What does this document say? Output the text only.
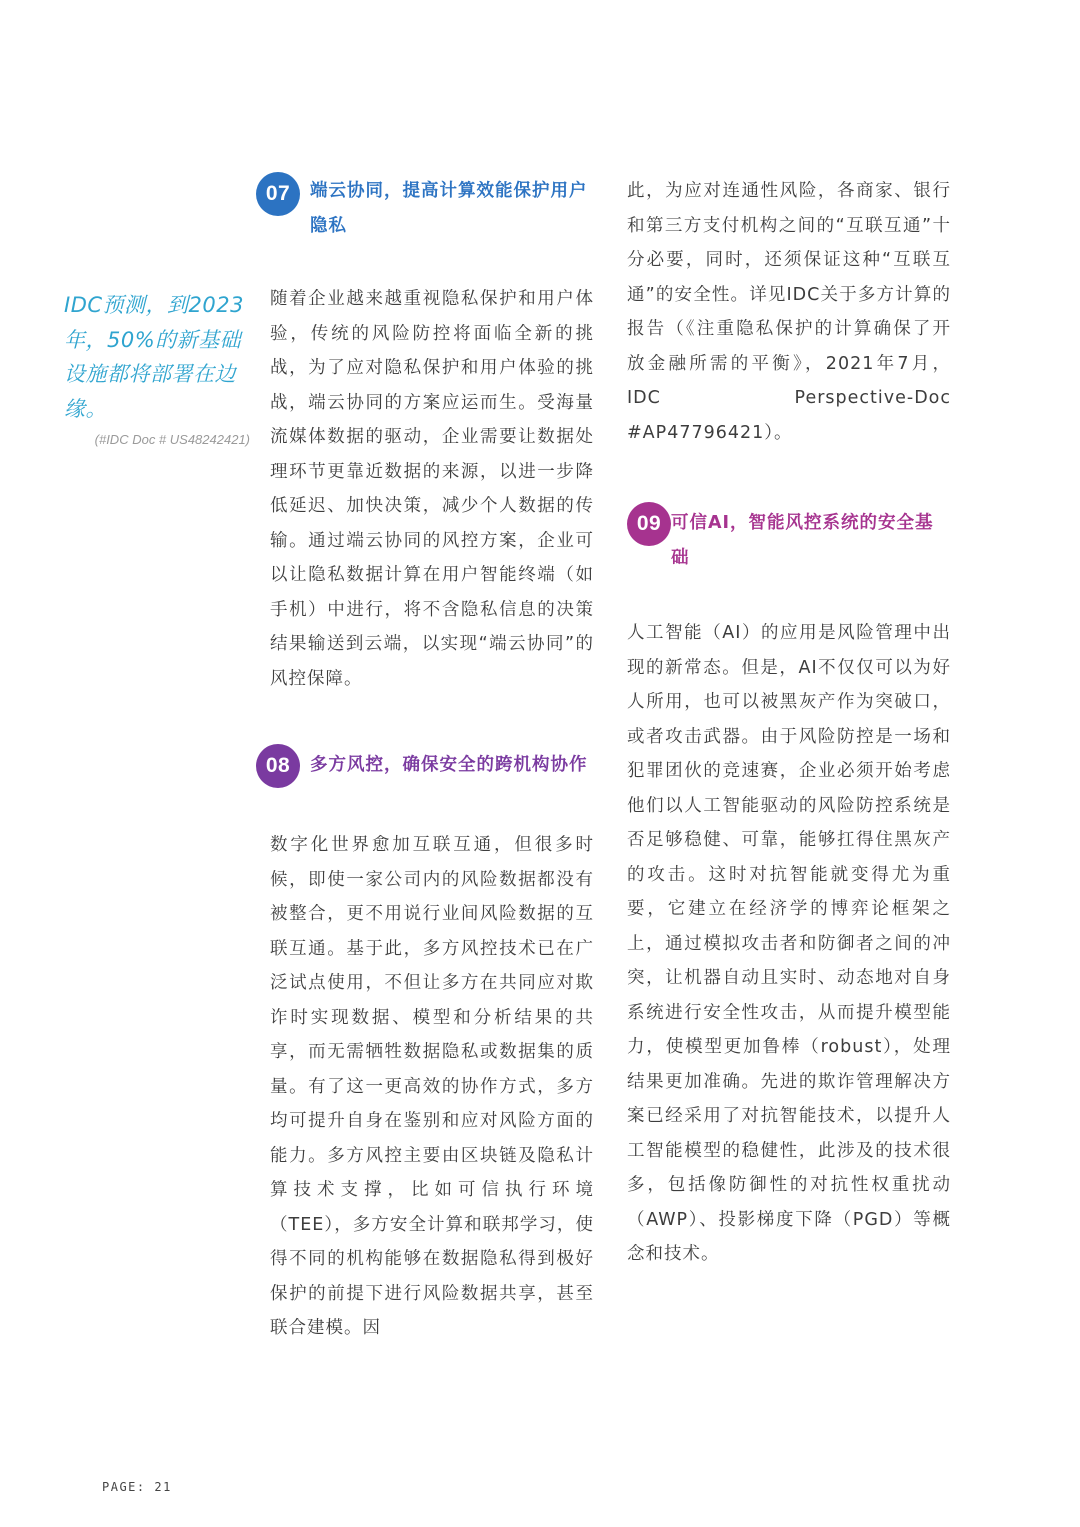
IDC预测，到2023年，50%的新基础设施都将部署在边缘。
(#IDC Doc # US48242421)
07	端云协同，提高计算效能保护用户隐私

随着企业越来越重视隐私保护和用户体验，传统的风险防控将面临全新的挑战，为了应对隐私保护和用户体验的挑战，端云协同的方案应运而生。受海量流媒体数据的驱动，企业需要让数据处理环节更靠近数据的来源，以进一步降低延迟、加快决策，减少个人数据的传输。通过端云协同的风控方案，企业可以让隐私数据计算在用户智能终端（如手机）中进行，将不含隐私信息的决策结果输送到云端，以实现“端云协同”的风控保障。

08	多方风控，确保安全的跨机构协作

数字化世界愈加互联互通，但很多时候，即使一家公司内的风险数据都没有被整合，更不用说行业间风险数据的互联互通。基于此，多方风控技术已在广泛试点使用，不但让多方在共同应对欺诈时实现数据、模型和分析结果的共享，而无需牺牲数据隐私或数据集的质量。有了这一更高效的协作方式，多方均可提升自身在鉴别和应对风险方面的能力。多方风控主要由区块链及隐私计算技术支撑，比如可信执行环境（TEE），多方安全计算和联邦学习，使得不同的机构能够在数据隐私得到极好保护的前提下进行风险数据共享，甚至联合建模。因

此，为应对连通性风险，各商家、银行和第三方支付机构之间的“互联互通”十分必要，同时，还须保证这种“互联互通”的安全性。详见IDC关于多方计算的报告（《注重隐私保护的计算确保了开放金融所需的平衡》，2021年7月，IDC Perspective-Doc #AP47796421）。

09 可信AI，智能风控系统的安全基础

人工智能（AI）的应用是风险管理中出现的新常态。但是，AI不仅仅可以为好人所用，也可以被黑灰产作为突破口，或者攻击武器。由于风险防控是一场和犯罪团伙的竞速赛，企业必须开始考虑他们以人工智能驱动的风险防控系统是否足够稳健、可靠，能够扛得住黑灰产的攻击。这时对抗智能就变得尤为重要，它建立在经济学的博弈论框架之上，通过模拟攻击者和防御者之间的冲突，让机器自动且实时、动态地对自身系统进行安全性攻击，从而提升模型能力，使模型更加鲁棒（robust），处理结果更加准确。先进的欺诈管理解决方案已经采用了对抗智能技术，以提升人工智能模型的稳健性，此涉及的技术很多，包括像防御性的对抗性权重扰动（AWP）、投影梯度下降（PGD）等概念和技术。

PAGE: 21
